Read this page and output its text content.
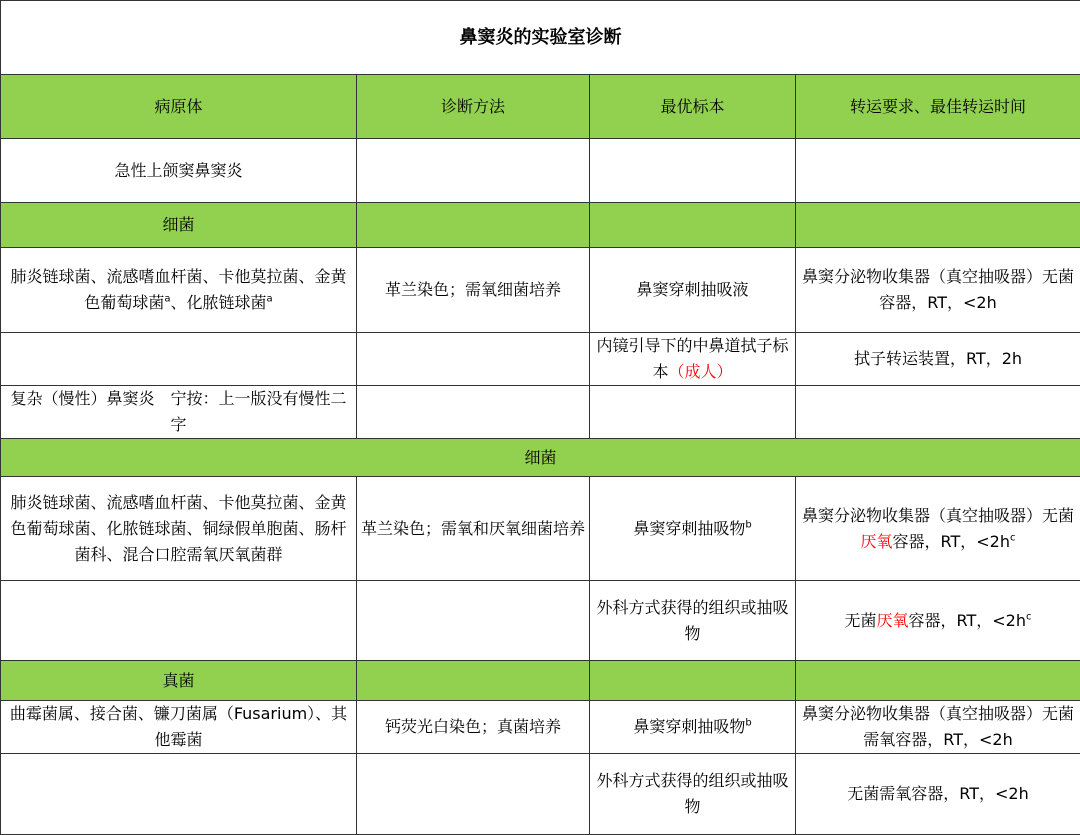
鼻窦炎的实验室诊断			
病原体	诊断方法	最优标本	转运要求、最佳转运时间
急性上颌窦鼻窦炎			
细菌			
肺炎链球菌、流感嗜血杆菌、卡他莫拉菌、金黄色葡萄球菌$^a$、化脓链球菌$^a$	革兰染色；需氧细菌培养	鼻窦穿刺抽吸液	鼻窦分泌物收集器（真空抽吸器）无菌容器，RT，<2h
		内镜引导下的中鼻道拭子标本（成人）	拭子转运装置，RT，2h
复杂（慢性）鼻窦炎　宁按：上一版没有慢性二字			
细菌			
肺炎链球菌、流感嗜血杆菌、卡他莫拉菌、金黄色葡萄球菌、化脓链球菌、铜绿假单胞菌、肠杆菌科、混合口腔需氧厌氧菌群	革兰染色；需氧和厌氧细菌培养	鼻窦穿刺抽吸物$^b$	鼻窦分泌物收集器（真空抽吸器）无菌厌氧容器，RT，$<2h^c$
		外科方式获得的组织或抽吸物	无菌厌氧容器，RT，$<2h^c$
真菌			
曲霉菌属、接合菌、镰刀菌属（Fusarium）、其他霉菌	钙荧光白染色；真菌培养	鼻窦穿刺抽吸物$^b$	鼻窦分泌物收集器（真空抽吸器）无菌需氧容器，RT，<2h
		外科方式获得的组织或抽吸物	无菌需氧容器，RT，<2h
